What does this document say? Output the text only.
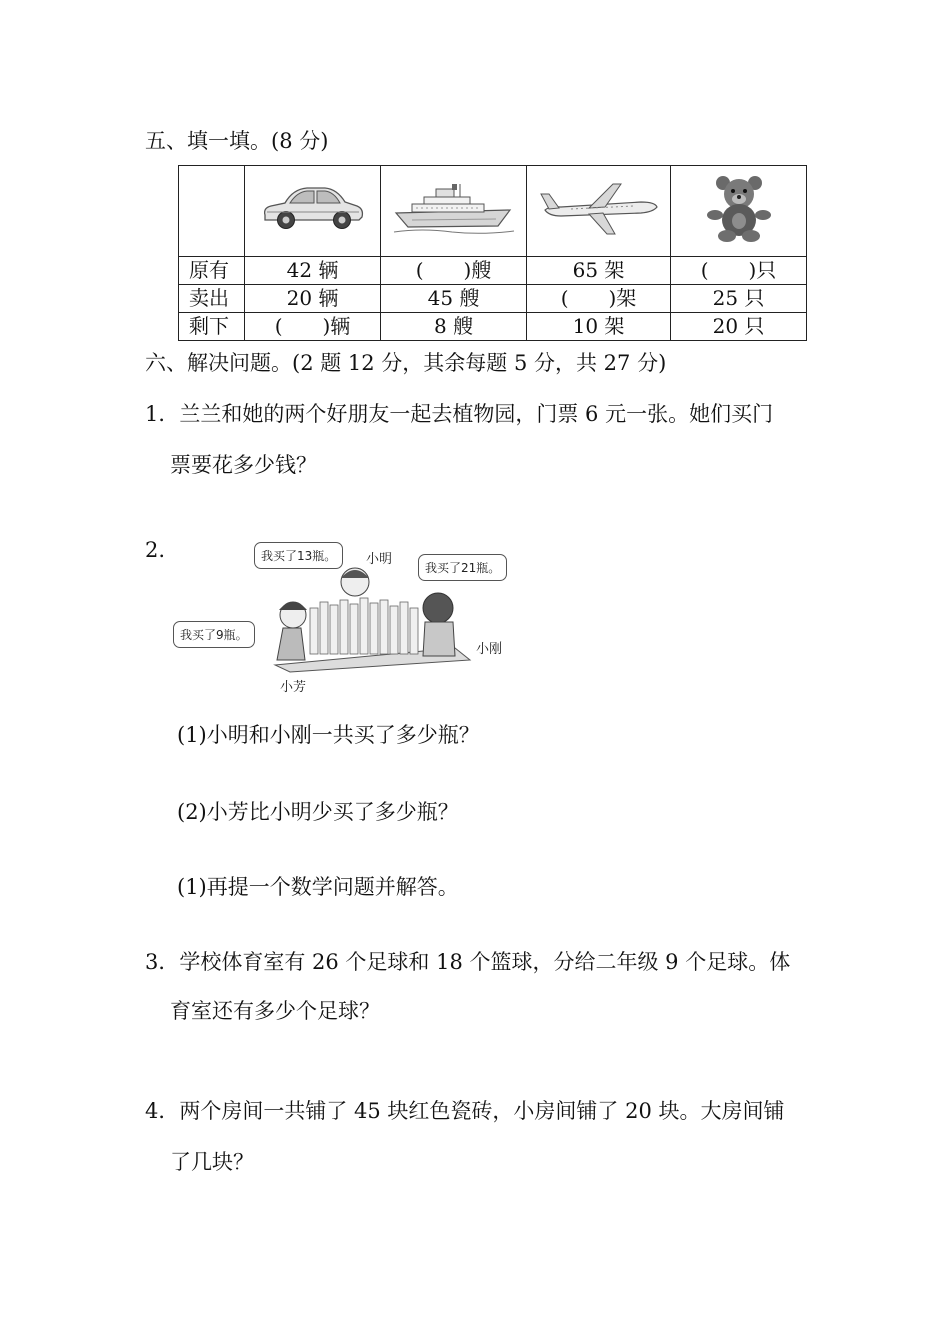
五、填一填。(8 分)

原有	42 辆	(　　)艘	65 架	(　　)只
卖出	20 辆	45 艘	(　　)架	25 只
剩下	(　　)辆	8 艘	10 架	20 只
六、解决问题。(2 题 12 分，其余每题 5 分，共 27 分)
1．兰兰和她的两个好朋友一起去植物园，门票 6 元一张。她们买门
票要花多少钱？
2.	我买了13瓶。	小明
我买了21瓶。
我买了9瓶。
小刚
小芳
(1)小明和小刚一共买了多少瓶？
(2)小芳比小明少买了多少瓶？
(1)再提一个数学问题并解答。
3．学校体育室有 26 个足球和 18 个篮球，分给二年级 9 个足球。体
育室还有多少个足球？
4．两个房间一共铺了 45 块红色瓷砖，小房间铺了 20 块。大房间铺
了几块？
